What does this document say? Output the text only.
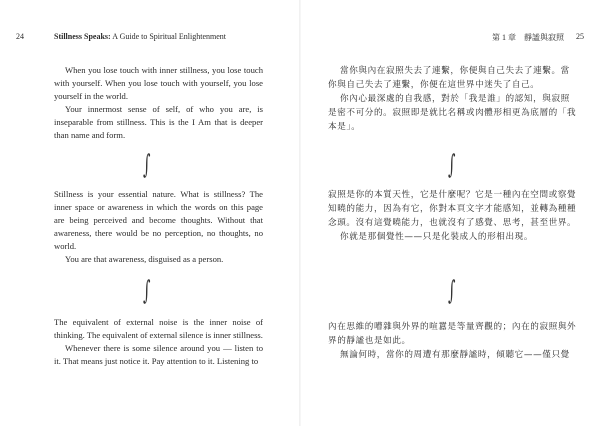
24	Stillness Speaks: A Guide to Spiritual Enlightenment

When you lose touch with inner stillness, you lose touch with yourself. When you lose touch with yourself, you lose yourself in the world.

Your innermost sense of self, of who you are, is inseparable from stillness. This is the I Am that is deeper than name and form.

∫

Stillness is your essential nature. What is stillness? The inner space or awareness in which the words on this page are being perceived and become thoughts. Without that awareness, there would be no perception, no thoughts, no world.

You are that awareness, disguised as a person.

∫

The equivalent of external noise is the inner noise of thinking. The equivalent of external silence is inner stillness.

Whenever there is some silence around you — listen to it. That means just notice it. Pay attention to it. Listening to

第 1 章　靜謐與寂照 25

當你與內在寂照失去了連繫，你便與自己失去了連繫。當你與自己失去了連繫，你便在這世界中迷失了自己。

你內心最深處的自我感，對於「我是誰」的認知，與寂照是密不可分的。寂照即是就比名稱或肉體形相更為底層的「我本是」。

∫

寂照是你的本質天性，它是什麼呢？它是一種內在空間或察覺知曉的能力，因為有它，你對本頁文字才能感知，並轉為種種念頭。沒有這覺曉能力，也就沒有了感覺、思考，甚至世界。

你就是那個覺性——只是化裝成人的形相出現。

∫

內在思維的嘈雜與外界的喧囂是等量齊觀的；內在的寂照與外界的靜謐也是如此。

無論何時，當你的周遭有那麼靜謐時，傾聽它——僅只覺
